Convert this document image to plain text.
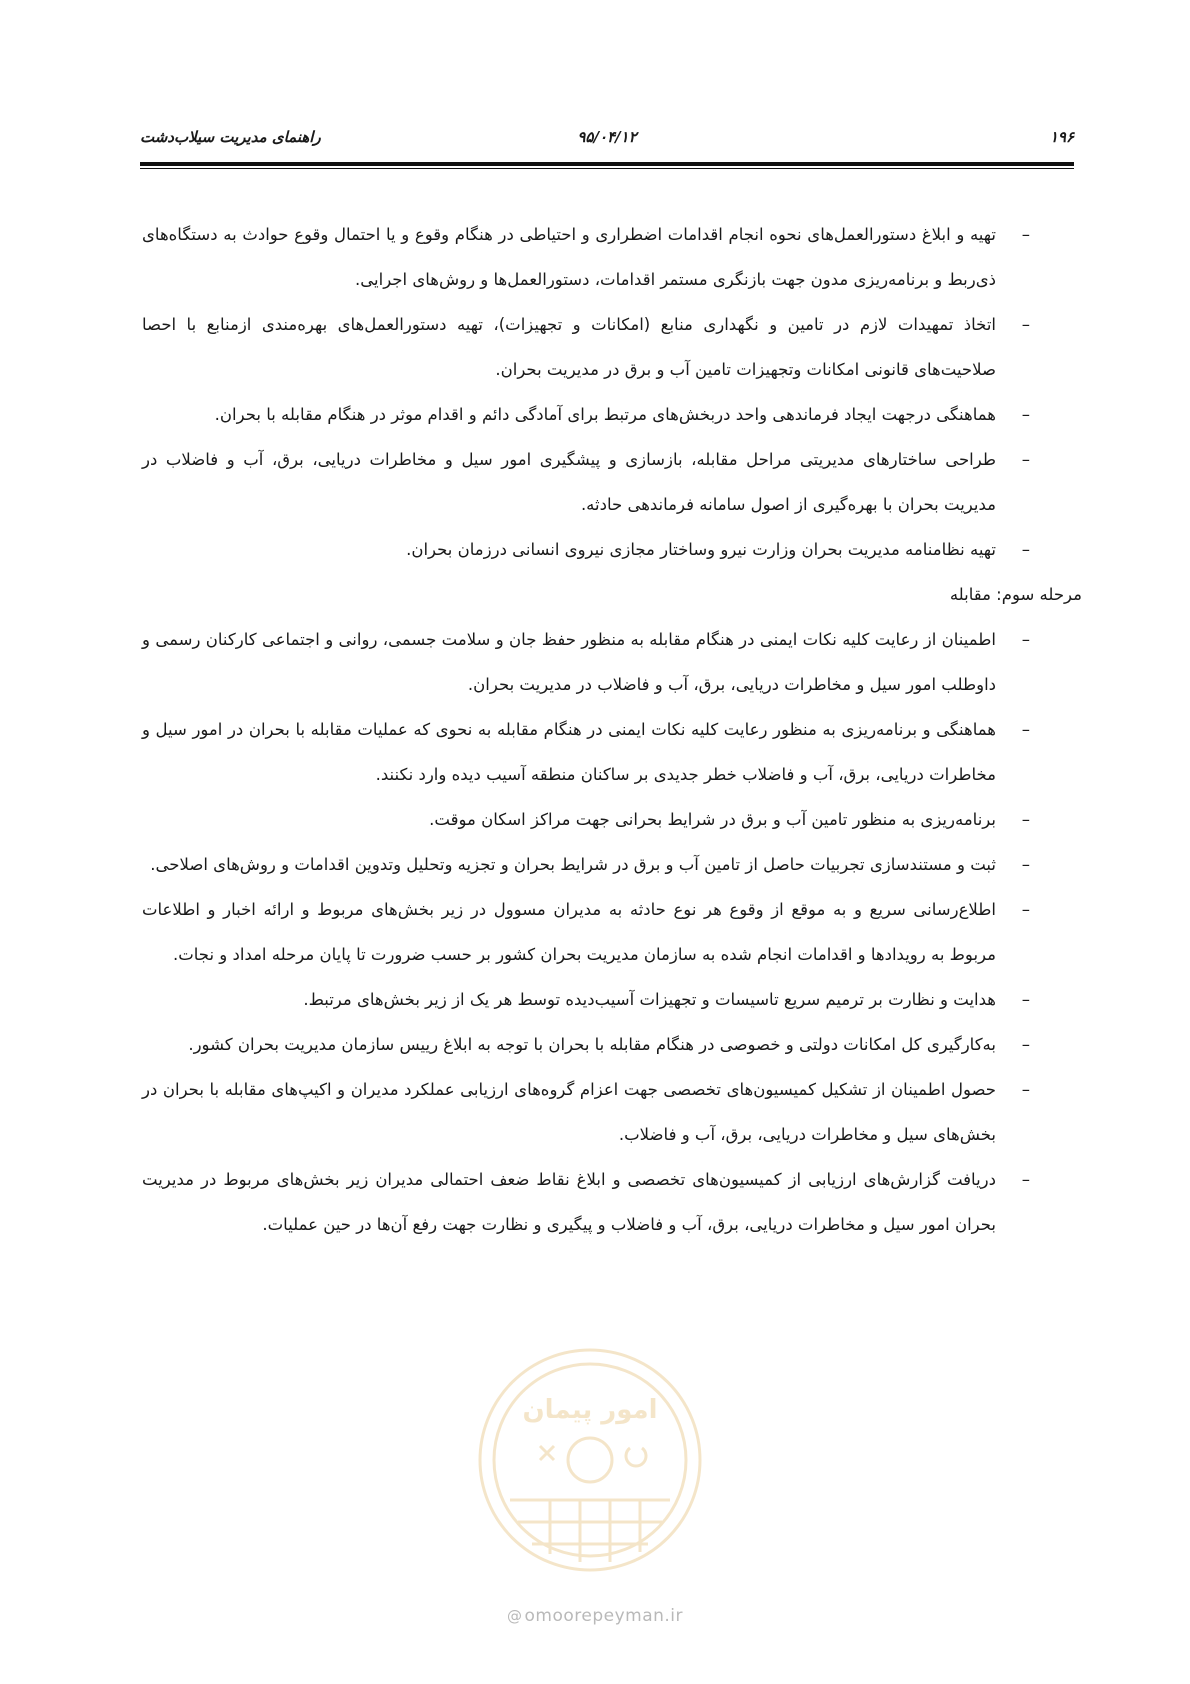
۱۹۶
۹۵/۰۴/۱۲
راهنمای مدیریت سیلاب‌دشت
– تهیه و ابلاغ دستورالعمل‌های نحوه انجام اقدامات اضطراری و احتیاطی در هنگام وقوع و یا احتمال وقوع حوادث به دستگاه‌های ذی‌ربط و برنامه‌ریزی مدون جهت بازنگری مستمر اقدامات، دستورالعمل‌ها و روش‌های اجرایی.
– اتخاذ تمهیدات لازم در تامین و نگهداری منابع (امکانات و تجهیزات)، تهیه دستورالعمل‌های بهره‌مندی ازمنابع با احصا صلاحیت‌های قانونی امکانات وتجهیزات تامین آب و برق در مدیریت بحران.
– هماهنگی درجهت ایجاد فرماندهی واحد دربخش‌های مرتبط برای آمادگی دائم و اقدام موثر در هنگام مقابله با بحران.
– طراحی ساختارهای مدیریتی مراحل مقابله، بازسازی و پیشگیری امور سیل و مخاطرات دریایی، برق، آب و فاضلاب در مدیریت بحران با بهره‌گیری از اصول سامانه فرماندهی حادثه.
– تهیه نظامنامه مدیریت بحران وزارت نیرو وساختار مجازی نیروی انسانی درزمان بحران.
مرحله سوم: مقابله
– اطمینان از رعایت کلیه نکات ایمنی در هنگام مقابله به منظور حفظ جان و سلامت جسمی، روانی و اجتماعی کارکنان رسمی و داوطلب امور سیل و مخاطرات دریایی، برق، آب و فاضلاب در مدیریت بحران.
– هماهنگی و برنامه‌ریزی به منظور رعایت کلیه نکات ایمنی در هنگام مقابله به نحوی که عملیات مقابله با بحران در امور سیل و مخاطرات دریایی، برق، آب و فاضلاب خطر جدیدی بر ساکنان منطقه آسیب دیده وارد نکنند.
– برنامه‌ریزی به منظور تامین آب و برق در شرایط بحرانی جهت مراکز اسکان موقت.
– ثبت و مستندسازی تجربیات حاصل از تامین آب و برق در شرایط بحران و تجزیه وتحلیل وتدوین اقدامات و روش‌های اصلاحی.
– اطلاع‌رسانی سریع و به موقع از وقوع هر نوع حادثه به مدیران مسوول در زیر بخش‌های مربوط و ارائه اخبار و اطلاعات مربوط به رویدادها و اقدامات انجام شده به سازمان مدیریت بحران کشور بر حسب ضرورت تا پایان مرحله امداد و نجات.
– هدایت و نظارت بر ترمیم سریع تاسیسات و تجهیزات آسیب‌دیده توسط هر یک از زیر بخش‌های مرتبط.
– به‌کارگیری کل امکانات دولتی و خصوصی در هنگام مقابله با بحران با توجه به ابلاغ رییس سازمان مدیریت بحران کشور.
– حصول اطمینان از تشکیل کمیسیون‌های تخصصی جهت اعزام گروه‌های ارزیابی عملکرد مدیران و اکیپ‌های مقابله با بحران در بخش‌های سیل و مخاطرات دریایی، برق، آب و فاضلاب.
– دریافت گزارش‌های ارزیابی از کمیسیون‌های تخصصی و ابلاغ نقاط ضعف احتمالی مدیران زیر بخش‌های مربوط در مدیریت بحران امور سیل و مخاطرات دریایی، برق، آب و فاضلاب و پیگیری و نظارت جهت رفع آن‌ها در حین عملیات.
امور پیمان
@ omoorepeyman.ir
